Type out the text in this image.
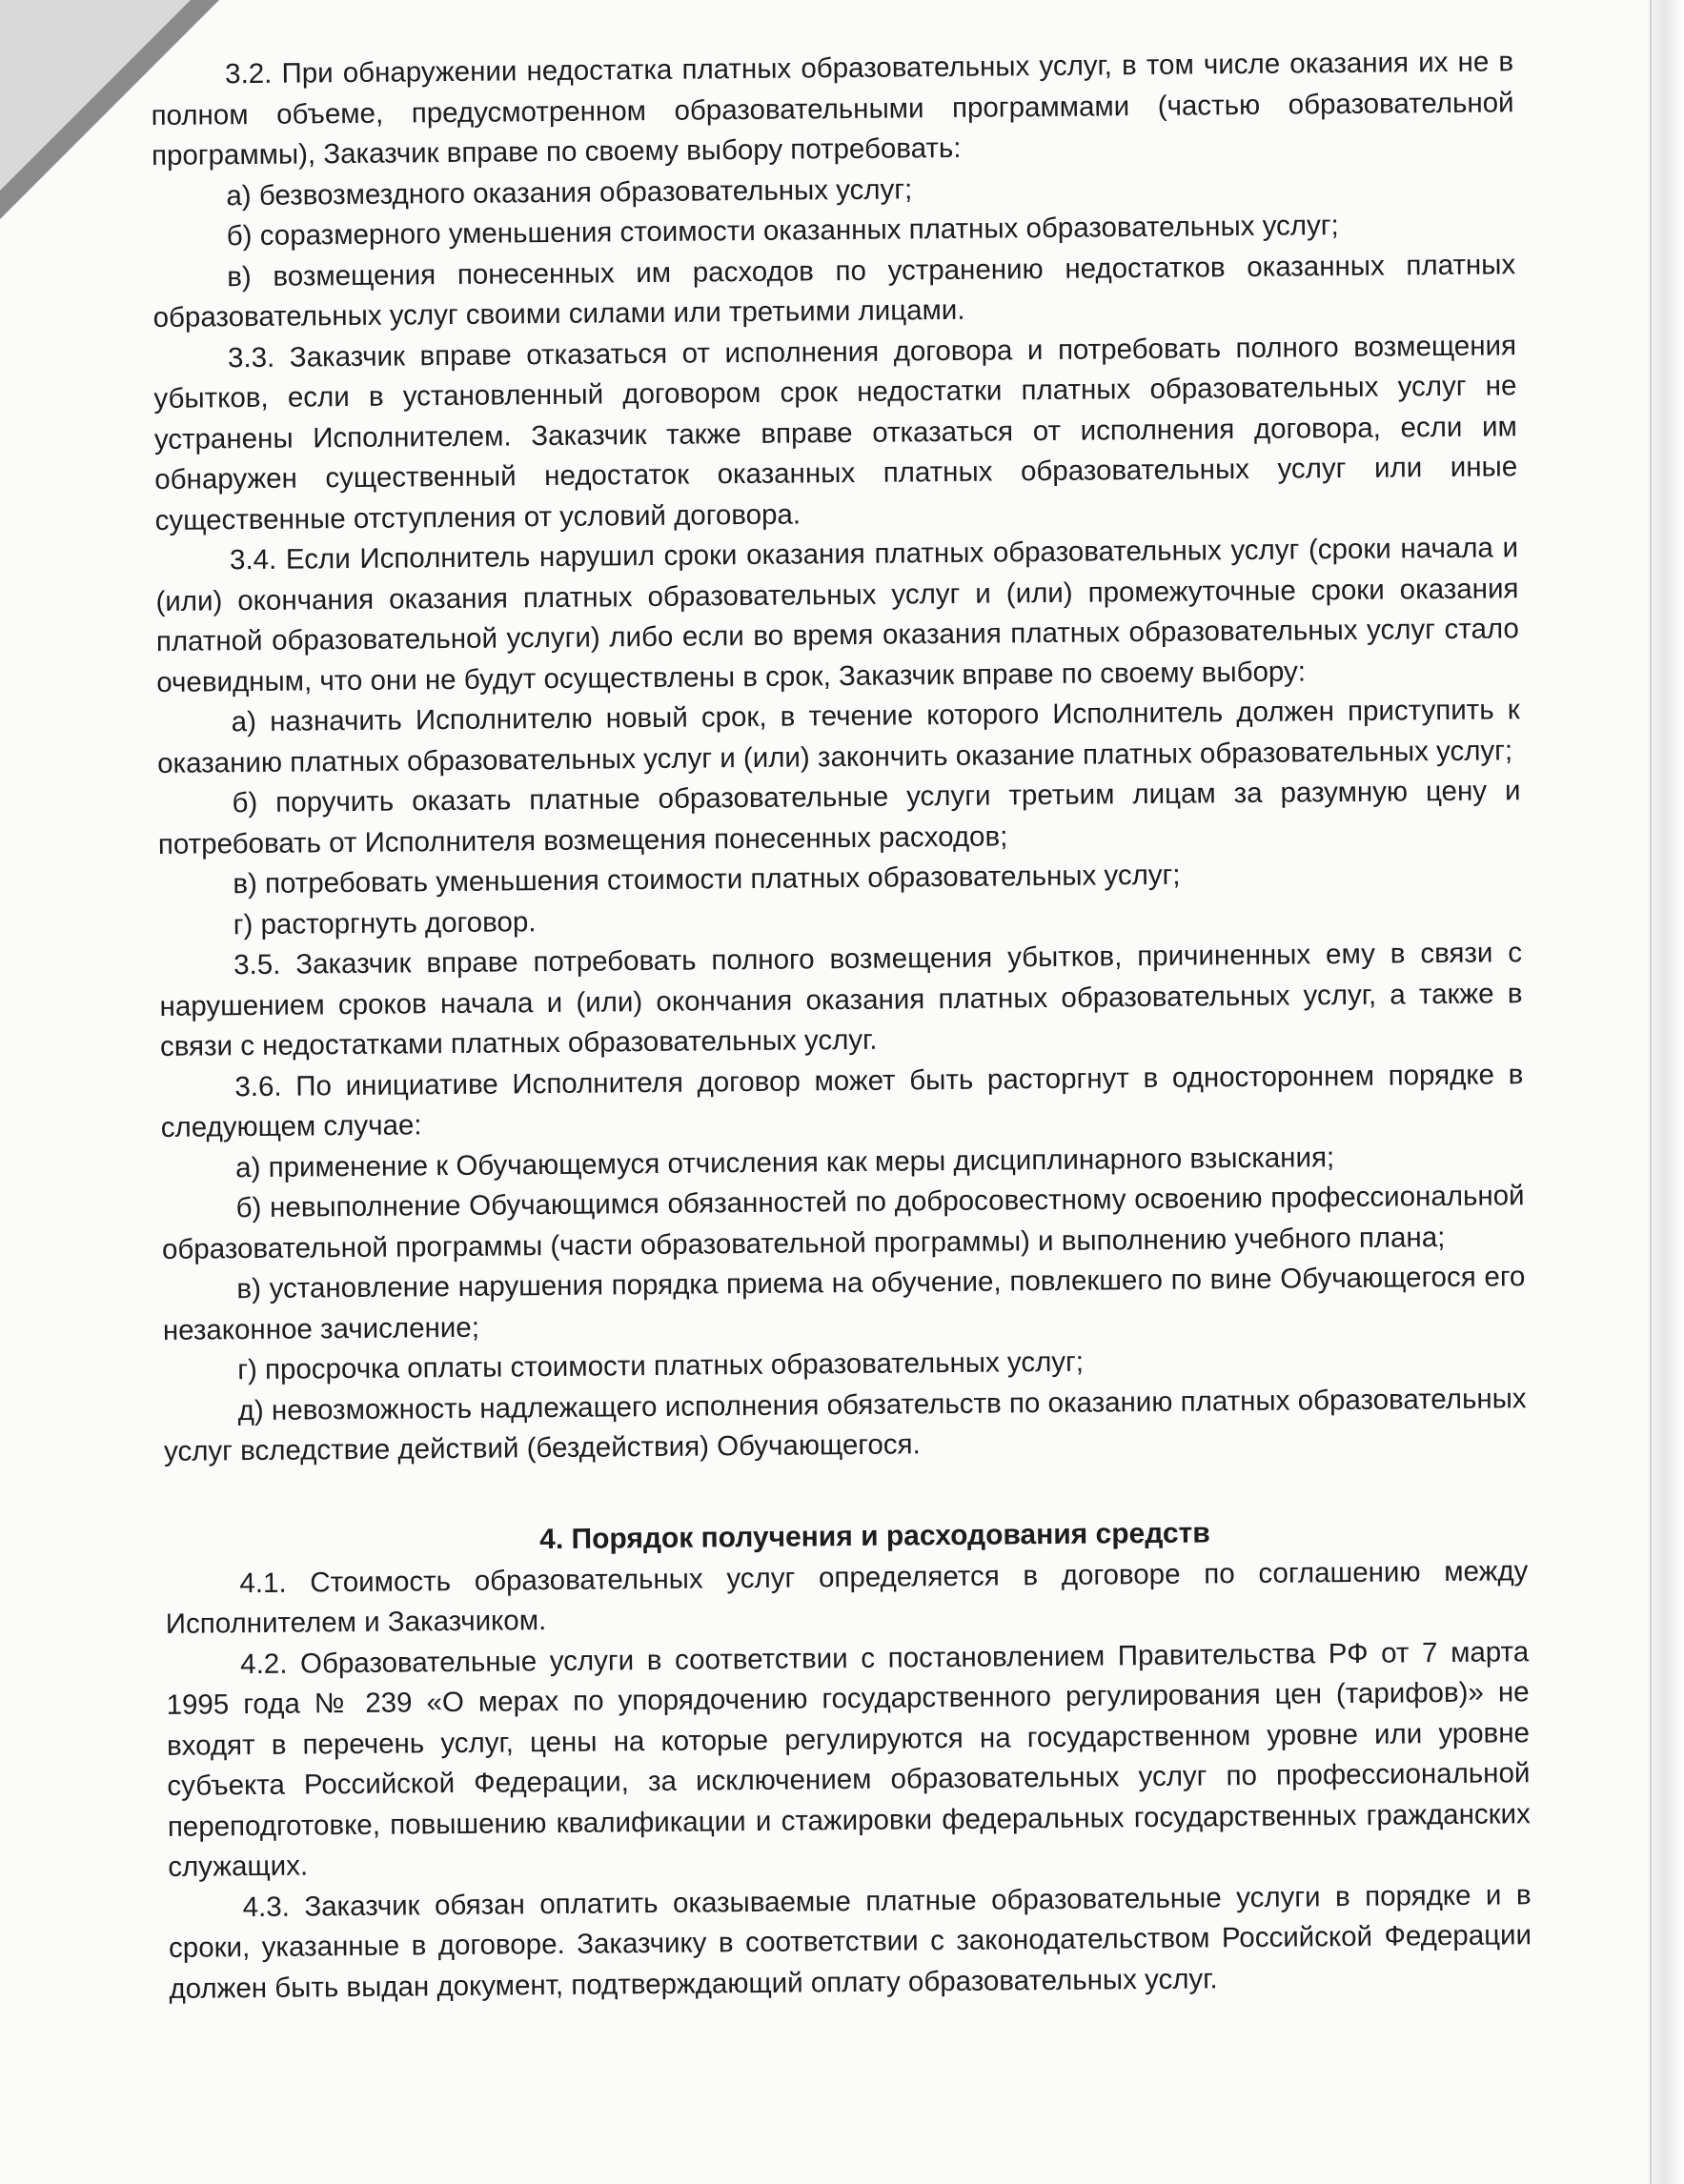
3.2. При обнаружении недостатка платных образовательных услуг, в том числе оказания их не в полном объеме, предусмотренном образовательными программами (частью образовательной программы), Заказчик вправе по своему выбору потребовать:

а) безвозмездного оказания образовательных услуг;

б) соразмерного уменьшения стоимости оказанных платных образовательных услуг;

в) возмещения понесенных им расходов по устранению недостатков оказанных платных образовательных услуг своими силами или третьими лицами.

3.3. Заказчик вправе отказаться от исполнения договора и потребовать полного возмещения убытков, если в установленный договором срок недостатки платных образовательных услуг не устранены Исполнителем. Заказчик также вправе отказаться от исполнения договора, если им обнаружен существенный недостаток оказанных платных образовательных услуг или иные существенные отступления от условий договора.

3.4. Если Исполнитель нарушил сроки оказания платных образовательных услуг (сроки начала и (или) окончания оказания платных образовательных услуг и (или) промежуточные сроки оказания платной образовательной услуги) либо если во время оказания платных образовательных услуг стало очевидным, что они не будут осуществлены в срок, Заказчик вправе по своему выбору:

а) назначить Исполнителю новый срок, в течение которого Исполнитель должен приступить к оказанию платных образовательных услуг и (или) закончить оказание платных образовательных услуг;

б) поручить оказать платные образовательные услуги третьим лицам за разумную цену и потребовать от Исполнителя возмещения понесенных расходов;

в) потребовать уменьшения стоимости платных образовательных услуг;

г) расторгнуть договор.

3.5. Заказчик вправе потребовать полного возмещения убытков, причиненных ему в связи с нарушением сроков начала и (или) окончания оказания платных образовательных услуг, а также в связи с недостатками платных образовательных услуг.

3.6. По инициативе Исполнителя договор может быть расторгнут в одностороннем порядке в следующем случае:

а) применение к Обучающемуся отчисления как меры дисциплинарного взыскания;

б) невыполнение Обучающимся обязанностей по добросовестному освоению профессиональной образовательной программы (части образовательной программы) и выполнению учебного плана;

в) установление нарушения порядка приема на обучение, повлекшего по вине Обучающегося его незаконное зачисление;

г) просрочка оплаты стоимости платных образовательных услуг;

д) невозможность надлежащего исполнения обязательств по оказанию платных образовательных услуг вследствие действий (бездействия) Обучающегося.

4. Порядок получения и расходования средств

4.1. Стоимость образовательных услуг определяется в договоре по соглашению между Исполнителем и Заказчиком.

4.2. Образовательные услуги в соответствии с постановлением Правительства РФ от 7 марта 1995 года № 239 «О мерах по упорядочению государственного регулирования цен (тарифов)» не входят в перечень услуг, цены на которые регулируются на государственном уровне или уровне субъекта Российской Федерации, за исключением образовательных услуг по профессиональной переподготовке, повышению квалификации и стажировки федеральных государственных гражданских служащих.

4.3. Заказчик обязан оплатить оказываемые платные образовательные услуги в порядке и в сроки, указанные в договоре. Заказчику в соответствии с законодательством Российской Федерации должен быть выдан документ, подтверждающий оплату образовательных услуг.
